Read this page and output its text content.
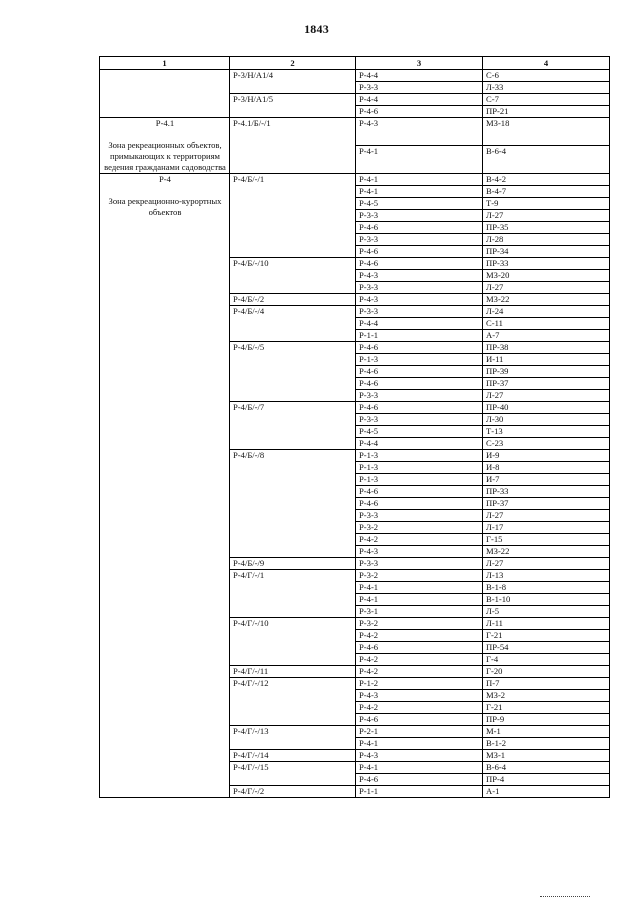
1843
1	2	3	4
	Р-3/Н/А1/4	Р-4-4	С-6
		Р-3-3	Л-33
	Р-3/Н/А1/5	Р-4-4	С-7
		Р-4-6	ПР-21

Р-4.1
Зона рекреационных объектов, примыкающих к территориям ведения гражданами садоводства	Р-4.1/Б/-/1	Р-4-3	МЗ-18
		Р-4-1	В-6-4

Р-4
Зона рекреационно-курортных объектов	Р-4/Б/-/1	Р-4-1	В-4-2
		Р-4-1	В-4-7
		Р-4-5	Т-9
		Р-3-3	Л-27
		Р-4-6	ПР-35
		Р-3-3	Л-28
		Р-4-6	ПР-34
	Р-4/Б/-/10	Р-4-6	ПР-33
		Р-4-3	МЗ-20
		Р-3-3	Л-27
	Р-4/Б/-/2	Р-4-3	МЗ-22
	Р-4/Б/-/4	Р-3-3	Л-24
		Р-4-4	С-11
		Р-1-1	А-7
	Р-4/Б/-/5	Р-4-6	ПР-38
		Р-1-3	И-11
		Р-4-6	ПР-39
		Р-4-6	ПР-37
		Р-3-3	Л-27
	Р-4/Б/-/7	Р-4-6	ПР-40
		Р-3-3	Л-30
		Р-4-5	Т-13
		Р-4-4	С-23
	Р-4/Б/-/8	Р-1-3	И-9
		Р-1-3	И-8
		Р-1-3	И-7
		Р-4-6	ПР-33
		Р-4-6	ПР-37
		Р-3-3	Л-27
		Р-3-2	Л-17
		Р-4-2	Г-15
		Р-4-3	МЗ-22
	Р-4/Б/-/9	Р-3-3	Л-27
	Р-4/Г/-/1	Р-3-2	Л-13
		Р-4-1	В-1-8
		Р-4-1	В-1-10
		Р-3-1	Л-5
	Р-4/Г/-/10	Р-3-2	Л-11
		Р-4-2	Г-21
		Р-4-6	ПР-54
		Р-4-2	Г-4
	Р-4/Г/-/11	Р-4-2	Г-20
	Р-4/Г/-/12	Р-1-2	П-7
		Р-4-3	МЗ-2
		Р-4-2	Г-21
		Р-4-6	ПР-9
	Р-4/Г/-/13	Р-2-1	М-1
		Р-4-1	В-1-2
	Р-4/Г/-/14	Р-4-3	МЗ-1
	Р-4/Г/-/15	Р-4-1	В-6-4
		Р-4-6	ПР-4
	Р-4/Г/-/2	Р-1-1	А-1
